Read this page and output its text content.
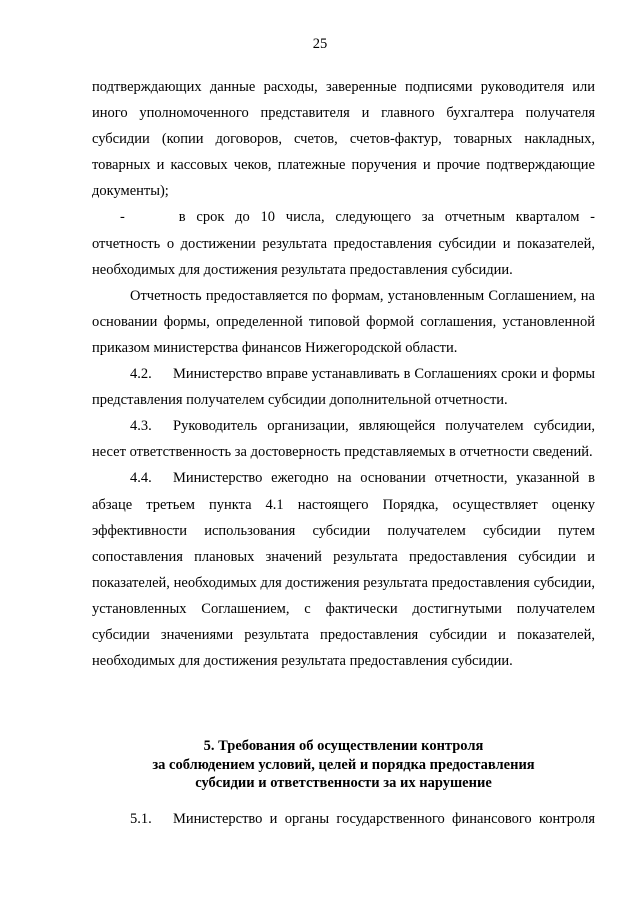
25

подтверждающих данные расходы, заверенные подписями руководителя или иного уполномоченного представителя и главного бухгалтера получателя субсидии (копии договоров, счетов, счетов-фактур, товарных накладных, товарных и кассовых чеков, платежные поручения и прочие подтверждающие документы);

-	в срок до 10 числа, следующего за отчетным кварталом - отчетность о достижении результата предоставления субсидии и показателей, необходимых для достижения результата предоставления субсидии.

Отчетность предоставляется по формам, установленным Соглашением, на основании формы, определенной типовой формой соглашения, установленной приказом министерства финансов Нижегородской области.

4.2. Министерство вправе устанавливать в Соглашениях сроки и формы представления получателем субсидии дополнительной отчетности.

4.3. Руководитель организации, являющейся получателем субсидии, несет ответственность за достоверность представляемых в отчетности сведений.

4.4. Министерство ежегодно на основании отчетности, указанной в абзаце третьем пункта 4.1 настоящего Порядка, осуществляет оценку эффективности использования субсидии получателем субсидии путем сопоставления плановых значений результата предоставления субсидии и показателей, необходимых для достижения результата предоставления субсидии, установленных Соглашением, с фактически достигнутыми получателем субсидии значениями результата предоставления субсидии и показателей, необходимых для достижения результата предоставления субсидии.

5. Требования об осуществлении контроля
за соблюдением условий, целей и порядка предоставления
субсидии и ответственности за их нарушение

5.1. Министерство и органы государственного финансового контроля
